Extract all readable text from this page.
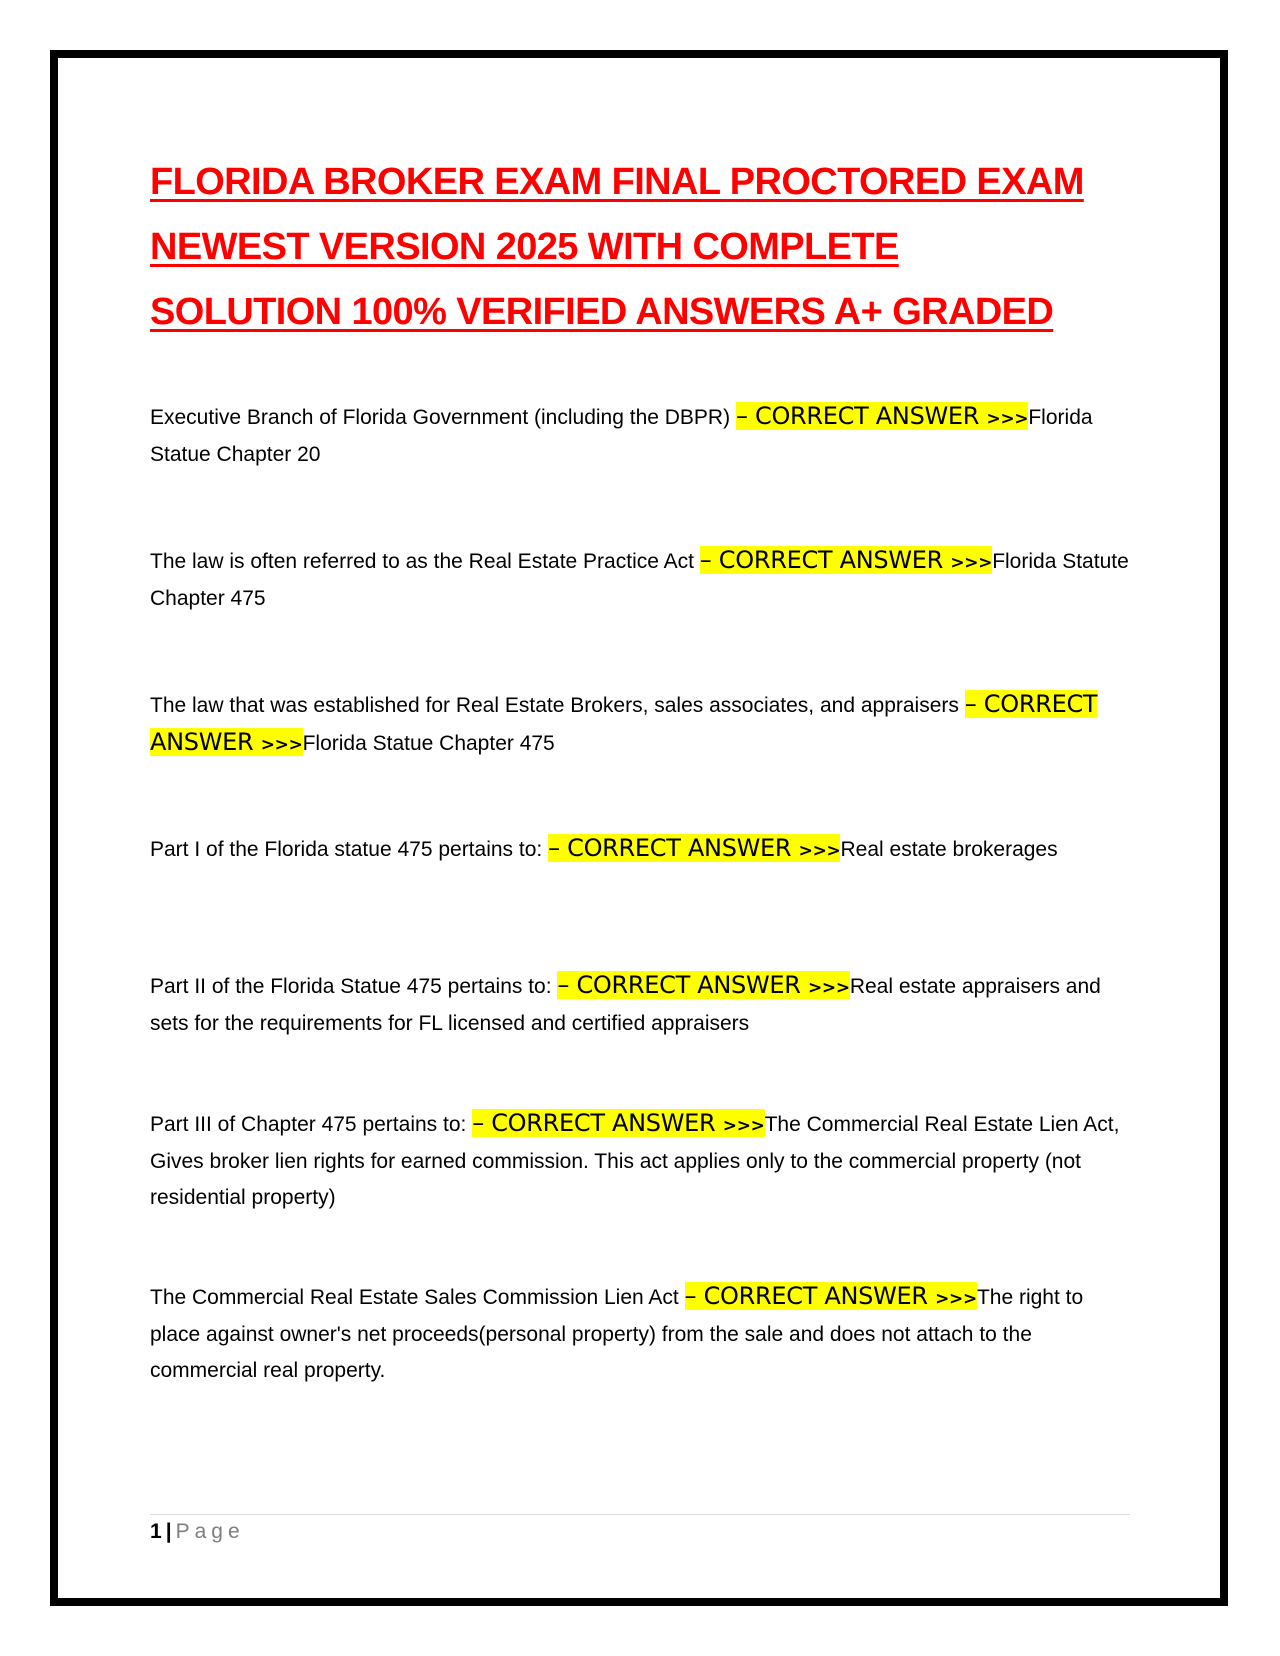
FLORIDA BROKER EXAM FINAL PROCTORED EXAM
NEWEST VERSION 2025 WITH COMPLETE
SOLUTION 100% VERIFIED ANSWERS A+ GRADED

Executive Branch of Florida Government (including the DBPR) – CORRECT ANSWER >>>Florida Statue Chapter 20

The law is often referred to as the Real Estate Practice Act – CORRECT ANSWER >>>Florida Statute Chapter 475

The law that was established for Real Estate Brokers, sales associates, and appraisers – CORRECT ANSWER >>>Florida Statue Chapter 475

Part I of the Florida statue 475 pertains to: – CORRECT ANSWER >>>Real estate brokerages

Part II of the Florida Statue 475 pertains to: – CORRECT ANSWER >>>Real estate appraisers and sets for the requirements for FL licensed and certified appraisers

Part III of Chapter 475 pertains to: – CORRECT ANSWER >>>The Commercial Real Estate Lien Act, Gives broker lien rights for earned commission. This act applies only to the commercial property (not residential property)

The Commercial Real Estate Sales Commission Lien Act – CORRECT ANSWER >>>The right to place against owner's net proceeds(personal property) from the sale and does not attach to the commercial real property.

1 | Page
